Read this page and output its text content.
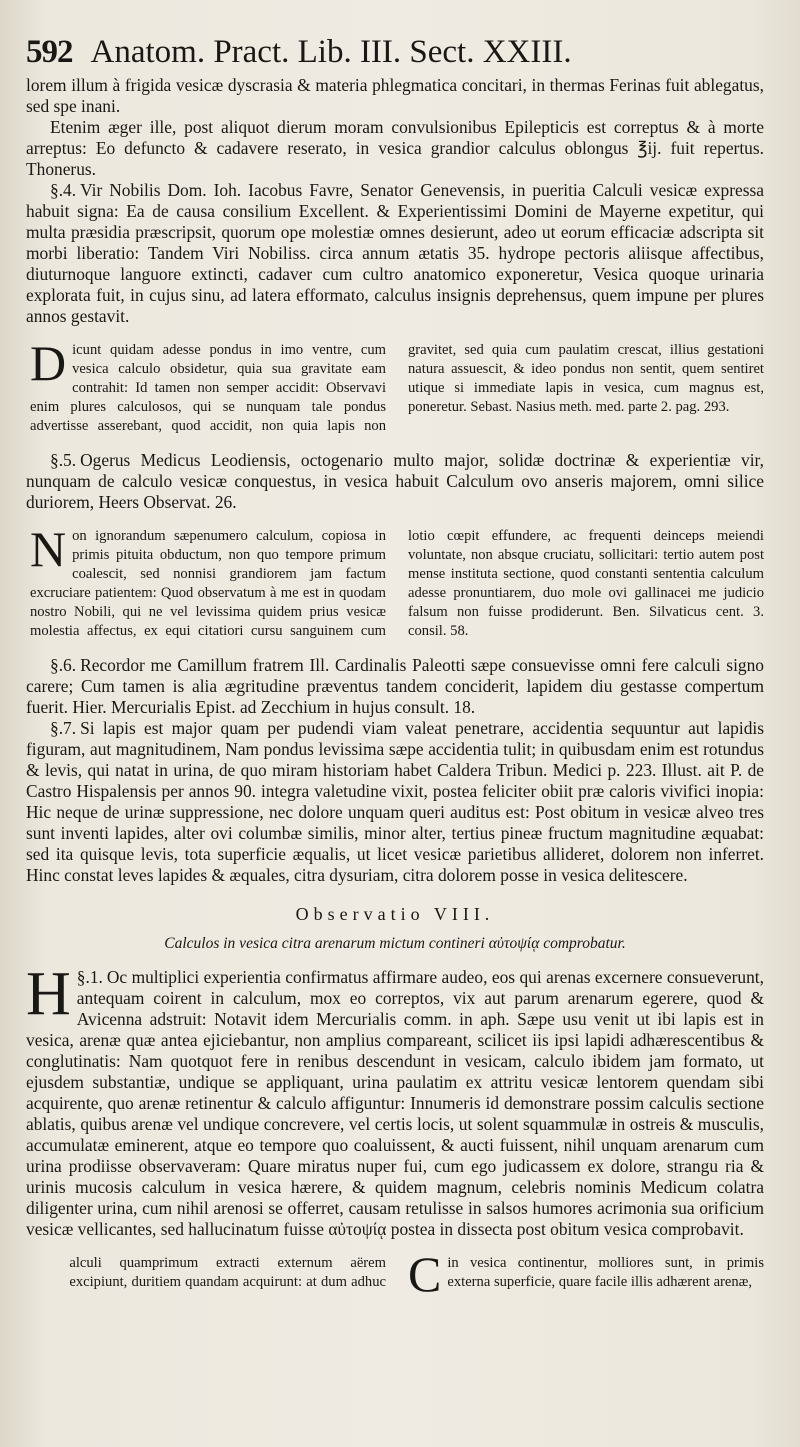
592 Anatom. Pract. Lib. III. Sect. XXIII.

lorem illum à frigida vesicæ dyscrasia & materia phlegmatica concitari, in thermas Ferinas fuit ablegatus, sed spe inani.

Etenim æger ille, post aliquot dierum moram convulsionibus Epilepticis est correptus & à morte arreptus: Eo defuncto & cadavere reserato, in vesica grandior calculus oblongus ℥ij. fuit repertus. Thonerus.

§.4. Vir Nobilis Dom. Ioh. Iacobus Favre, Senator Genevensis, in pueritia Calculi vesicæ expressa habuit signa: Ea de causa consilium Excellent. & Experientissimi Domini de Mayerne expetitur, qui multa præsidia præscripsit, quorum ope molestiæ omnes desierunt, adeo ut eorum efficaciæ adscripta sit morbi liberatio: Tandem Viri Nobiliss. circa annum ætatis 35. hydrope pectoris aliisque affectibus, diuturnoque languore extincti, cadaver cum cultro anatomico exponeretur, Vesica quoque urinaria explorata fuit, in cujus sinu, ad latera efformato, calculus insignis deprehensus, quem impune per plures annos gestavit.

Dicunt quidam adesse pondus in imo ventre, cum vesica calculo obsidetur, quia sua gravitate eam contrahit: Id tamen non semper accidit: Observavi enim plures calculosos, qui se nunquam tale pondus advertisse asserebant, quod accidit, non quia lapis non gravitet, sed quia cum paulatim crescat, illius gestationi natura assuescit, & ideo pondus non sentit, quem sentiret utique si immediate lapis in vesica, cum magnus est, poneretur. Sebast. Nasius meth. med. parte 2. pag. 293.

§.5. Ogerus Medicus Leodiensis, octogenario multo major, solidæ doctrinæ & experientiæ vir, nunquam de calculo vesicæ conquestus, in vesica habuit Calculum ovo anseris majorem, omni silice duriorem, Heers Observat. 26.

Non ignorandum sæpenumero calculum, copiosa in primis pituita obductum, non quo tempore primum coalescit, sed nonnisi grandiorem jam factum excruciare patientem: Quod observatum à me est in quodam nostro Nobili, qui ne vel levissima quidem prius vesicæ molestia affectus, ex equi citatiori cursu sanguinem cum lotio cœpit effundere, ac frequenti deinceps meiendi voluntate, non absque cruciatu, sollicitari: tertio autem post mense instituta sectione, quod constanti sententia calculum adesse pronuntiarem, duo mole ovi gallinacei me judicio falsum non fuisse prodiderunt. Ben. Silvaticus cent. 3. consil. 58.

§.6. Recordor me Camillum fratrem Ill. Cardinalis Paleotti sæpe consuevisse omni fere calculi signo carere; Cum tamen is alia ægritudine præventus tandem conciderit, lapidem diu gestasse compertum fuerit. Hier. Mercurialis Epist. ad Zecchium in hujus consult. 18.

§.7. Si lapis est major quam per pudendi viam valeat penetrare, accidentia sequuntur aut lapidis figuram, aut magnitudinem, Nam pondus levissima sæpe accidentia tulit; in quibusdam enim est rotundus & levis, qui natat in urina, de quo miram historiam habet Caldera Tribun. Medici p. 223. Illust. ait P. de Castro Hispalensis per annos 90. integra valetudine vixit, postea feliciter obiit præ caloris vivifici inopia: Hic neque de urinæ suppressione, nec dolore unquam queri auditus est: Post obitum in vesicæ alveo tres sunt inventi lapides, alter ovi columbæ similis, minor alter, tertius pineæ fructum magnitudine æquabat: sed ita quisque levis, tota superficie æqualis, ut licet vesicæ parietibus allideret, dolorem non inferret. Hinc constat leves lapides & æquales, citra dysuriam, citra dolorem posse in vesica delitescere.

Observatio VIII.
Calculos in vesica citra arenarum mictum contineri αὐτοψίᾳ comprobatur.

§.1.
H Oc multiplici experientia confirmatus affirmare audeo, eos qui arenas excernere consueverunt, antequam coirent in calculum, mox eo correptos, vix aut parum arenarum egerere, quod & Avicenna adstruit: Notavit idem Mercurialis comm. in aph. Sæpe usu venit ut ibi lapis est in vesica, arenæ quæ antea ejiciebantur, non amplius compareant, scilicet iis ipsi lapidi adhærescentibus & conglutinatis: Nam quotquot fere in renibus descendunt in vesicam, calculo ibidem jam formato, ut ejusdem substantiæ, undique se appliquant, urina paulatim ex attritu vesicæ lentorem quendam sibi acquirente, quo arenæ retinentur & calculo affiguntur: Innumeris id demonstrare possim calculis sectione ablatis, quibus arenæ vel undique concrevere, vel certis locis, ut solent squammulæ in ostreis & musculis, accumulatæ eminerent, atque eo tempore quo coaluissent, & aucti fuissent, nihil unquam arenarum cum urina prodiisse observaveram: Quare miratus nuper fui, cum ego judicassem ex dolore, strangu ria & urinis mucosis calculum in vesica hærere, & quidem magnum, celebris nominis Medicum colatra diligenter urina, cum nihil arenosi se offerret, causam retulisse in salsos humores acrimonia sua orificium vesicæ vellicantes, sed hallucinatum fuisse αὐτοψίᾳ postea in dissecta post obitum vesica comprobavit.

C
alculi quamprimum extracti externum aërem excipiunt, duritiem quandam acquirunt: at dum adhuc in vesica continentur, molliores sunt, in primis externa superficie, quare facile illis adhærent arenæ,
